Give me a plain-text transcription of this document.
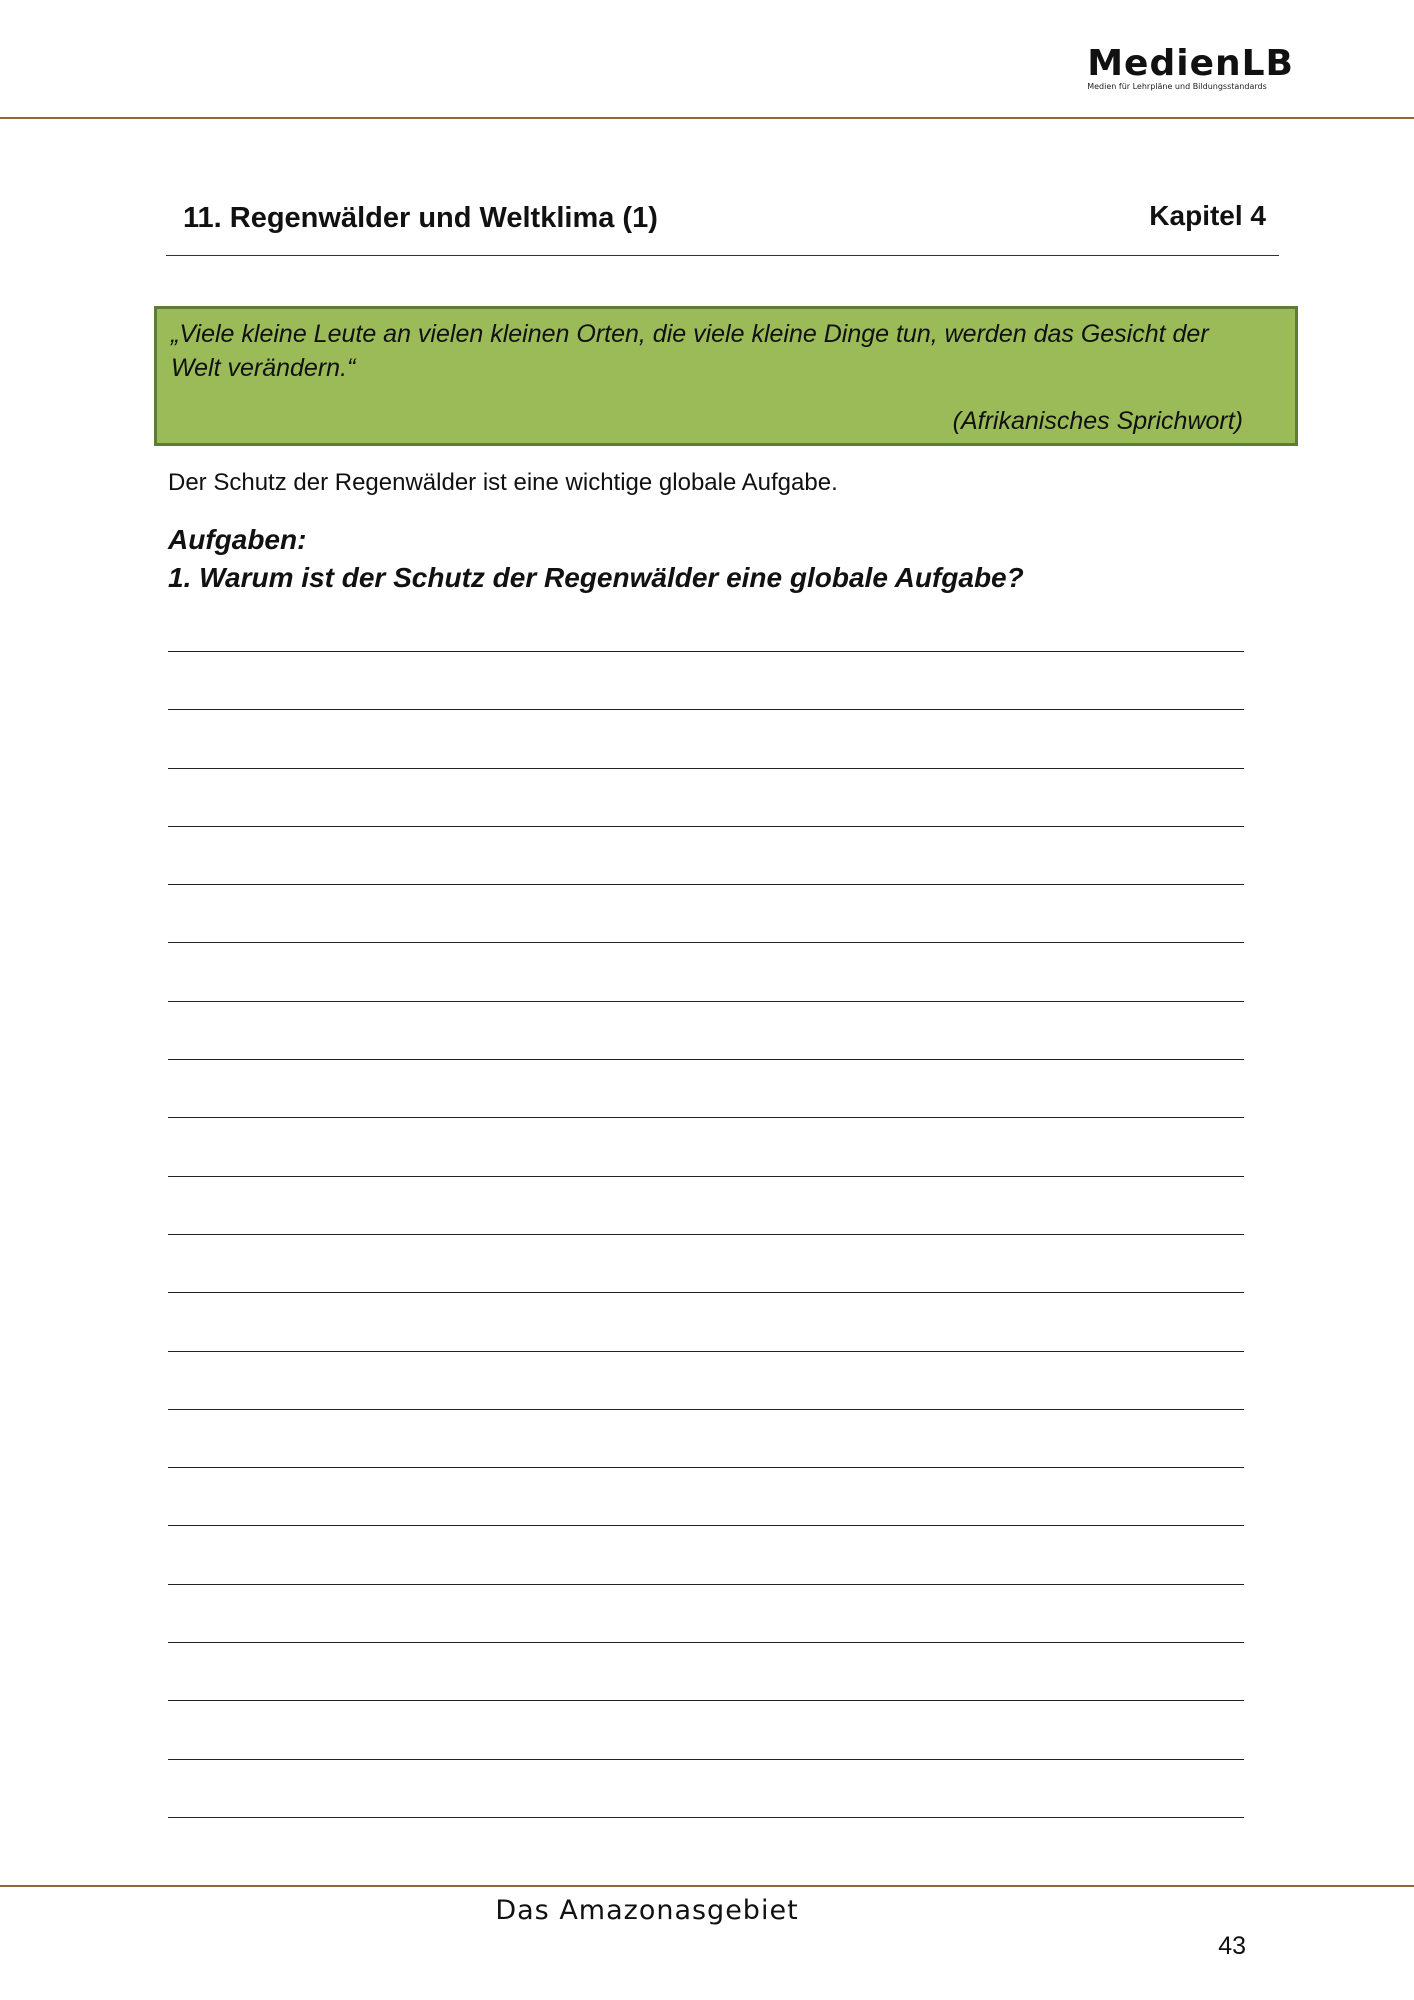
MedienLB
Medien für Lehrpläne und Bildungsstandards
11. Regenwälder und Weltklima (1)	Kapitel 4
„Viele kleine Leute an vielen kleinen Orten, die viele kleine Dinge tun, werden das Gesicht der Welt verändern.“
(Afrikanisches Sprichwort)
Der Schutz der Regenwälder ist eine wichtige globale Aufgabe.
Aufgaben:
1. Warum ist der Schutz der Regenwälder eine globale Aufgabe?
Das Amazonasgebiet
43
